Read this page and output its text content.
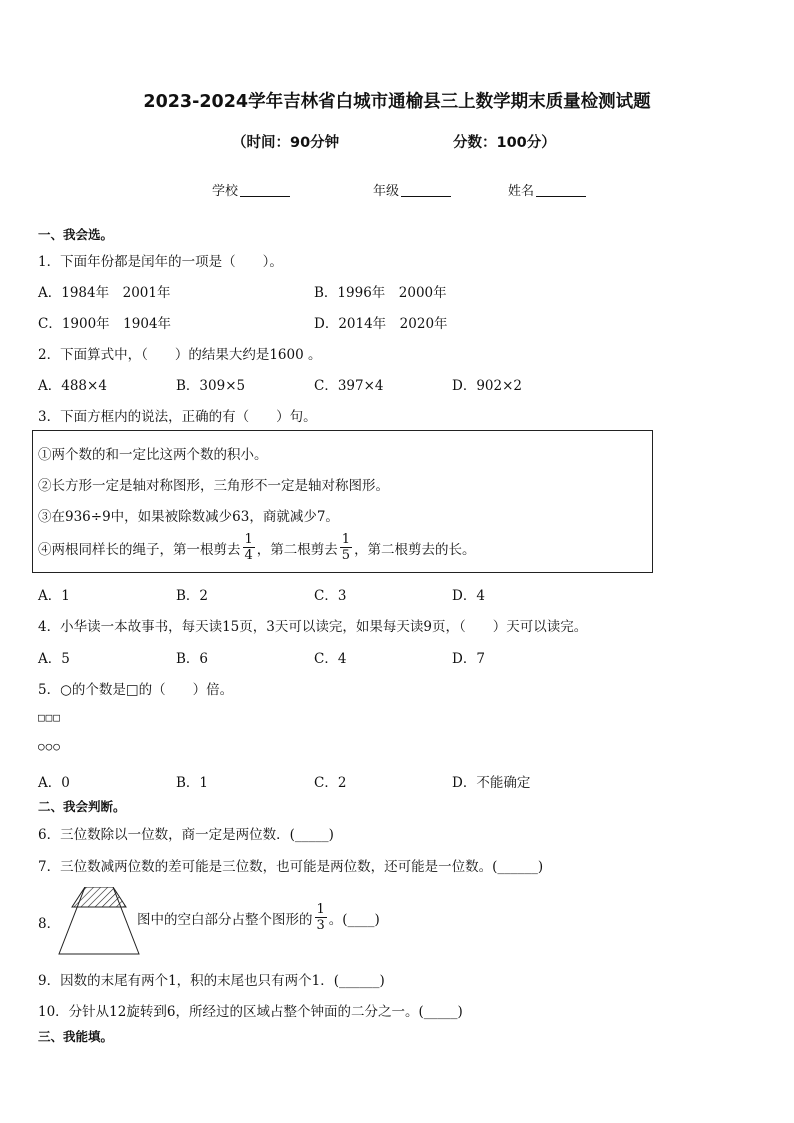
2023-2024学年吉林省白城市通榆县三上数学期末质量检测试题
（时间：90分钟	分数：100分）
学校	年级	姓名
一、我会选。
1．下面年份都是闰年的一项是（　　）。
A．1984年　2001年	B．1996年　2000年
C．1900年　1904年	D．2014年　2020年
2．下面算式中，（　　）的结果大约是1600 。
A．488×4	B．309×5	C．397×4	D．902×2
3．下面方框内的说法，正确的有（　　）句。
①两个数的和一定比这两个数的积小。
②长方形一定是轴对称图形，三角形不一定是轴对称图形。
③在936÷9中，如果被除数减少63，商就减少7。
④两根同样长的绳子，第一根剪去 $\frac{1}{4}$ ，第二根剪去 $\frac{1}{5}$ ，第二根剪去的长。
A．1	B．2	C．3	D．4
4．小华读一本故事书，每天读15页，3天可以读完，如果每天读9页，（　　）天可以读完。
A．5	B．6	C．4	D．7
5．○的个数是□的（　　）倍。
□□□
○○○
A．0	B．1	C．2	D．不能确定
二、我会判断。
6．三位数除以一位数，商一定是两位数．(_____)
7．三位数减两位数的差可能是三位数，也可能是两位数，还可能是一位数。(______)
8．	图中的空白部分占整个图形的 $\frac{1}{3}$ 。(____)
9．因数的末尾有两个1，积的末尾也只有两个1．(______)
10．分针从12旋转到6，所经过的区域占整个钟面的二分之一。(_____)
三、我能填。
